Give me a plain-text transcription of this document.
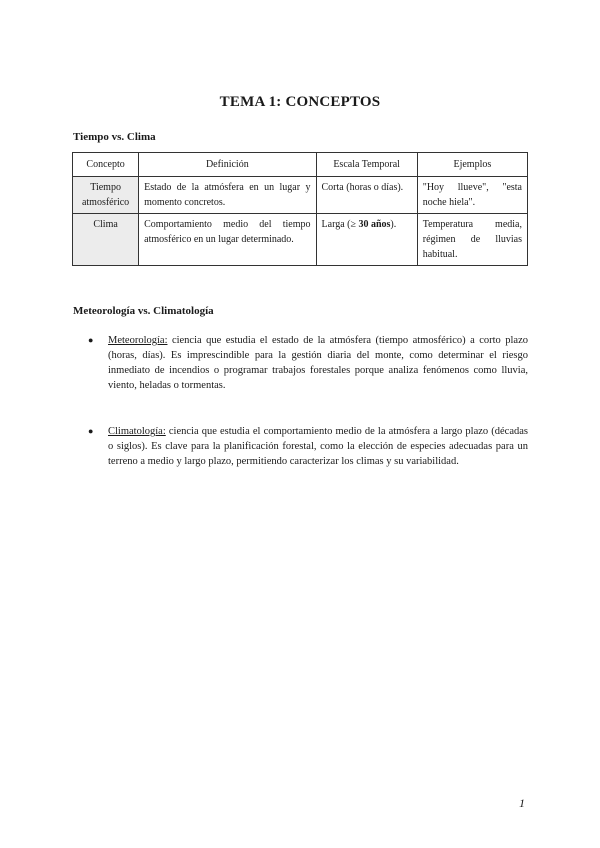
TEMA 1: CONCEPTOS
Tiempo vs. Clima
Concepto	Definición	Escala Temporal	Ejemplos
Tiempo atmosférico	Estado de la atmósfera en un lugar y momento concretos.	Corta (horas o días).	"Hoy llueve", "esta noche hiela".
Clima	Comportamiento medio del tiempo atmosférico en un lugar determinado.	Larga (≥ 30 años).	Temperatura media, régimen de lluvias habitual.
Meteorología vs. Climatología
●	Meteorología: ciencia que estudia el estado de la atmósfera (tiempo atmosférico) a corto plazo (horas, días). Es imprescindible para la gestión diaria del monte, como determinar el riesgo inmediato de incendios o programar trabajos forestales porque analiza fenómenos como lluvia, viento, heladas o tormentas.
●	Climatología: ciencia que estudia el comportamiento medio de la atmósfera a largo plazo (décadas o siglos). Es clave para la planificación forestal, como la elección de especies adecuadas para un terreno a medio y largo plazo, permitiendo caracterizar los climas y su variabilidad.
1
